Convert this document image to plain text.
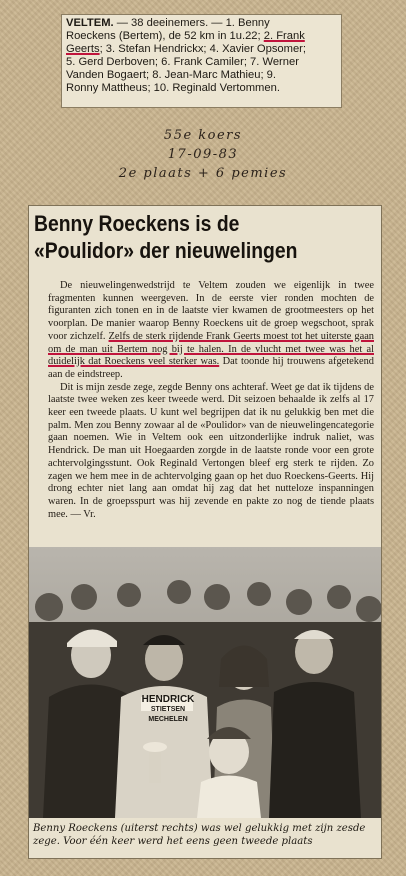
VELTEM. — 38 deeinemers. — 1. Benny
Roeckens (Bertem), de 52 km in 1u.22; 2. Frank
Geerts; 3. Stefan Hendrickx; 4. Xavier Opsomer;
5. Gerd Derboven; 6. Frank Camiler; 7. Werner
Vanden Bogaert; 8. Jean-Marc Mathieu; 9.
Ronny Mattheus; 10. Reginald Vertommen.
55e koers
17-09-83
2e plaats + 6 pemies
Benny Roeckens is de
«Poulidor» der nieuwelingen

De nieuwelingenwedstrijd te Veltem zouden we eigenlijk in twee fragmenten kunnen weergeven. In de eerste vier ronden mochten de figuranten zich tonen en in de laatste vier kwamen de grootmeesters op het voorplan. De manier waarop Benny Roeckens uit de groep wegschoot, sprak voor zichzelf. Zelfs de sterk rijdende Frank Geerts moest tot het uiterste gaan om de man uit Bertem nog bij te halen. In de vlucht met twee was het al duidelijk dat Roeckens veel sterker was. Dat toonde hij trouwens afgetekend aan de eindstreep.

Dit is mijn zesde zege, zegde Benny ons achteraf. Weet ge dat ik tijdens de laatste twee weken zes keer tweede werd. Dit seizoen behaalde ik zelfs al 17 keer een tweede plaats. U kunt wel begrijpen dat ik nu gelukkig ben met die palm. Men zou Benny zowaar al de «Poulidor» van de nieuwelingencategorie gaan noemen. Wie in Veltem ook een uitzonderlijke indruk naliet, was Hendrick. De man uit Hoegaarden zorgde in de laatste ronde voor een grote achtervolgingsstunt. Ook Reginald Vertongen bleef erg sterk te rijden. Zo zagen we hem mee in de achtervolging gaan op het duo Roeckens-Geerts. Hij drong echter niet lang aan omdat hij zag dat het nutteloze inspanningen waren. In de groepsspurt was hij zevende en pakte zo nog de tiende plaats mee. — Vr.

HENDRICK
STIETSEN
MECHELEN
Benny Roeckens (uiterst rechts) was wel gelukkig met zijn zesde zege. Voor één keer werd het eens geen tweede plaats
